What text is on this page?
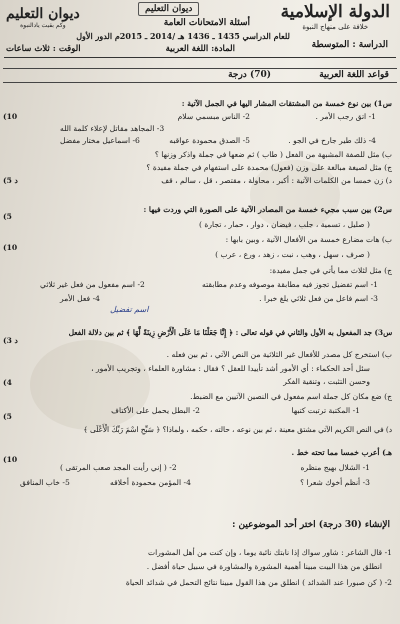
الدولة الإسلامية
خلافة على منهاج النبوة
ديوان التعليم
وكم بقيت يادالنبوة
ديوان التعليم
أسئلة الامتحانات العامة
للعام الدراسي 1435 ـ 1436 هـ /2014 ـ 2015م الدور الأول
الدراسة : المتوسطة
المادة: اللغة العربية
الوقت : ثلاث ساعات
قواعد اللغة العربية
(70) درجة
س1) بين نوع خمسة من المشتقات المشار اليها في الجمل الآتية :
1- اتق رجب الأمر .
2- الناس مبسمي سلام
3- المجاهد مقاتل لإعلاء كلمة الله
4- ذلك طير جارح في الجو .
5- الصدق محمودة عواقبه
6- اسماعيل مختار مفضل
ب) مثل للصفة المشبهة من الفعل ( طاب ) ثم ضعها في جملة واذكر وزنها ؟
ج) مثل لصيغة مبالغة على وزن (فعول) محمدة على استفهام في جملة مفيدة ؟
د) زن خمسا من الكلمات الآتية : أكبر ، محاولة ، مقتصر ، قل ، سالم ، قف
(10
(5 د
س2) بين سبب مجيء خمسة من المصادر الآتية على الصورة التي وردت فيها :
( صليل ، تسمية ، جلب ، فيضان ، دوار ، حمار ، تجارة )
ب) هات مضارع خمسة من الأفعال الآتية ، وبين بابها :
( صرف ، سهل ، وهب ، نبت ، زهد ، ورع ، عرب )
ج) مثل لثلاث مما يأتي في جمل مفيدة:
1- اسم تفضيل تجوز فيه مطابقة موصوفه وعدم مطابقته
2- اسم مفعول من فعل غير ثلاثي
3- اسم فاعل من فعل ثلاثي يلغ خبرا .
4- فعل الأمر
(5
(10
اسم تفضيل
س3) جد المفعول به الأول والثاني في قوله تعالى : ﴿ إِنَّا جَعَلْنَا مَا عَلَى الْأَرْضِ زِينَةً لَّهَا ﴾ ثم بين دلالة الفعل
ب) استخرج كل مصدر للأفعال غير الثلاثية من النص الآتي ، ثم بين فعله .
سئل أحد الحكماء : أي الأمور أشد تأييدا للعقل ؟ فقال : مشاورة العلماء ، وتجريب الأمور ،
وحسن التثبت ، وتنقية الفكر
ج) ضع مكان كل جملة اسم مفعول في النصين الآتيين مع الضبط.
1- المكتبة ترتبت كتبها
2- البطل يحمل على الأكتاف
د) في النص الكريم الآتي مشتق معينة ، ثم بين نوعه ، حالته ، حكمه ، ولماذا؟ ﴿ سَبِّحِ اسْمَ رَبِّكَ الْأَعْلَى ﴾
هـ) أعرب خمسا مما تحته خط .
1- الشلال بهيج منظره
2- ( إني رأيت المجد صعب المرتقى )
3- أنظم أخوك شعرا ؟
4- المؤمن محمودة أخلاقه
5- خاب المنافق
(3 د
(4
(5
(10
الإنشاء (30 درجة) اختر أحد الموضوعين :
1- قال الشاعر : شاور سواك إذا نابتك نائبة يوما ، وإن كنت من أهل المشورات
انطلق من هذا البيت مبينا أهمية المشورة والمشاورة في سبيل حياة أفضل .
2- ( كن صبورا عند الشدائد ) انطلق من هذا القول مبينا نتائج التحمل في شدائد الحياة
